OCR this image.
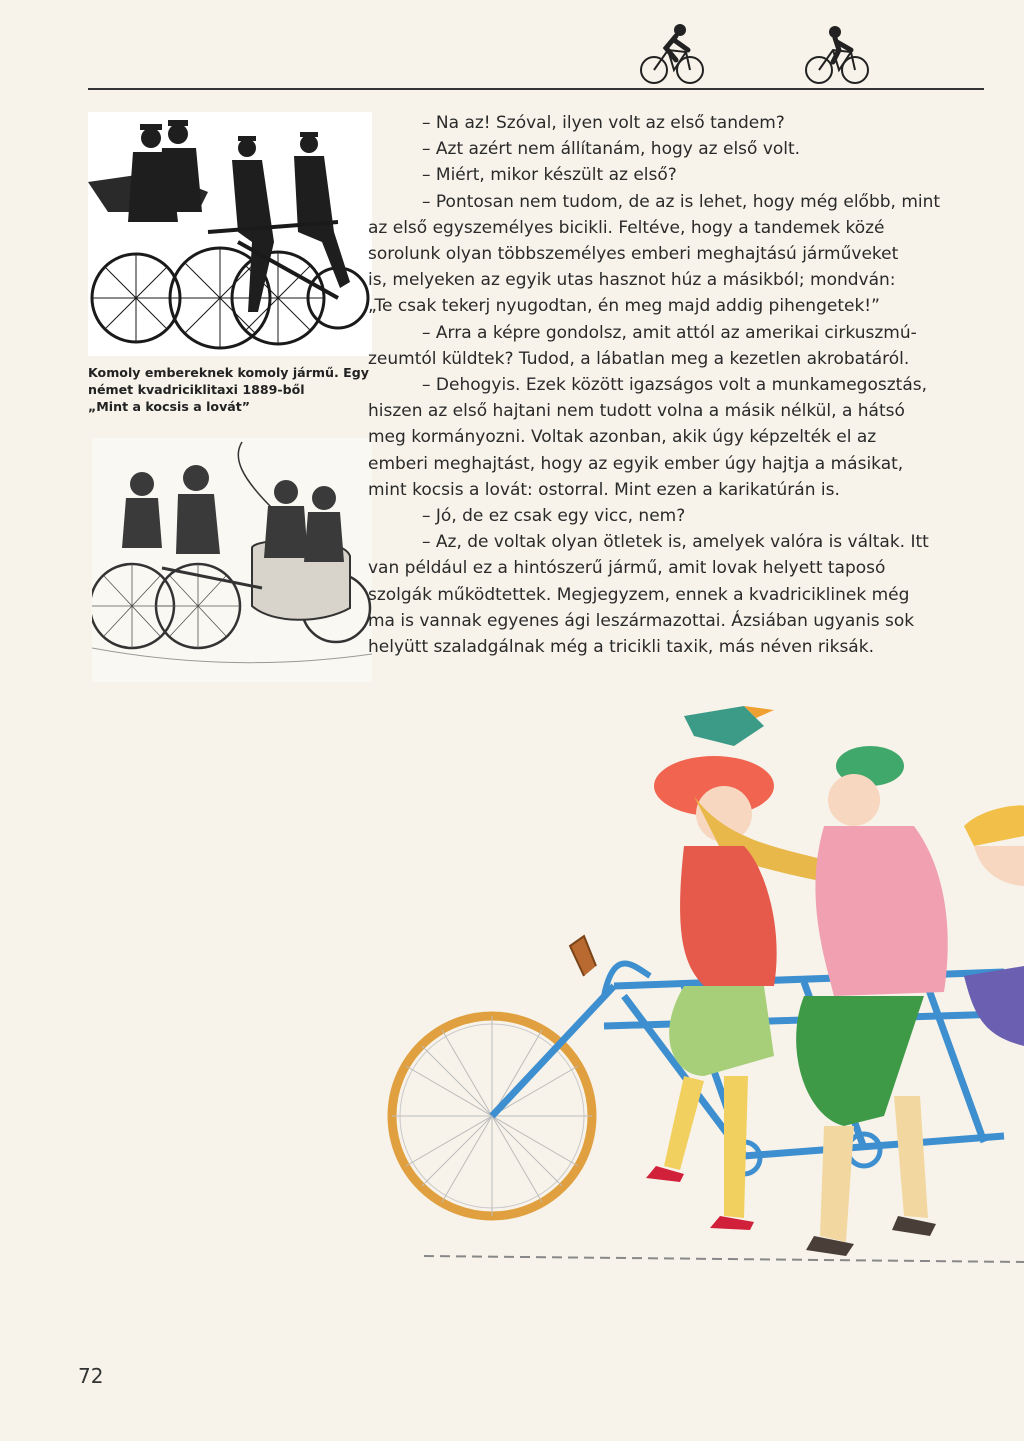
Komoly embereknek komoly jármű. Egy
német kvadriciklitaxi 1889-ből
„Mint a kocsis a lovát”
– Na az! Szóval, ilyen volt az első tandem?
– Azt azért nem állítanám, hogy az első volt.
– Miért, mikor készült az első?
– Pontosan nem tudom, de az is lehet, hogy még előbb, mint
az első egyszemélyes bicikli. Feltéve, hogy a tandemek közé
sorolunk olyan többszemélyes emberi meghajtású járműveket
is, melyeken az egyik utas hasznot húz a másikból; mondván:
„Te csak tekerj nyugodtan, én meg majd addig pihengetek!”
– Arra a képre gondolsz, amit attól az amerikai cirkuszmú-
zeumtól küldtek? Tudod, a lábatlan meg a kezetlen akrobatáról.
– Dehogyis. Ezek között igazságos volt a munkamegosztás,
hiszen az első hajtani nem tudott volna a másik nélkül, a hátsó
meg kormányozni. Voltak azonban, akik úgy képzelték el az
emberi meghajtást, hogy az egyik ember úgy hajtja a másikat,
mint kocsis a lovát: ostorral. Mint ezen a karikatúrán is.
– Jó, de ez csak egy vicc, nem?
– Az, de voltak olyan ötletek is, amelyek valóra is váltak. Itt
van például ez a hintószerű jármű, amit lovak helyett taposó
szolgák működtettek. Megjegyzem, ennek a kvadriciklinek még
ma is vannak egyenes ági leszármazottai. Ázsiában ugyanis sok
helyütt szaladgálnak még a tricikli taxik, más néven riksák.
72
